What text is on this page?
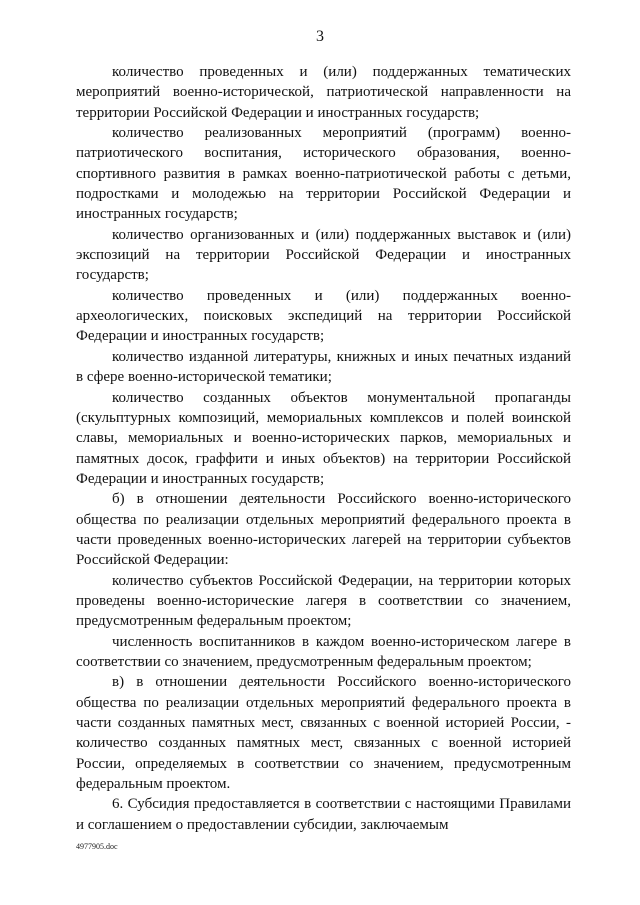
3

количество проведенных и (или) поддержанных тематических мероприятий военно-исторической, патриотической направленности на территории Российской Федерации и иностранных государств;

количество реализованных мероприятий (программ) военно-патриотического воспитания, исторического образования, военно-спортивного развития в рамках военно-патриотической работы с детьми, подростками и молодежью на территории Российской Федерации и иностранных государств;

количество организованных и (или) поддержанных выставок и (или) экспозиций на территории Российской Федерации и иностранных государств;

количество проведенных и (или) поддержанных военно-археологических, поисковых экспедиций на территории Российской Федерации и иностранных государств;

количество изданной литературы, книжных и иных печатных изданий в сфере военно-исторической тематики;

количество созданных объектов монументальной пропаганды (скульптурных композиций, мемориальных комплексов и полей воинской славы, мемориальных и военно-исторических парков, мемориальных и памятных досок, граффити и иных объектов) на территории Российской Федерации и иностранных государств;

б) в отношении деятельности Российского военно-исторического общества по реализации отдельных мероприятий федерального проекта в части проведенных военно-исторических лагерей на территории субъектов Российской Федерации:

количество субъектов Российской Федерации, на территории которых проведены военно-исторические лагеря в соответствии со значением, предусмотренным федеральным проектом;

численность воспитанников в каждом военно-историческом лагере в соответствии со значением, предусмотренным федеральным проектом;

в) в отношении деятельности Российского военно-исторического общества по реализации отдельных мероприятий федерального проекта в части созданных памятных мест, связанных с военной историей России, - количество созданных памятных мест, связанных с военной историей России, определяемых в соответствии со значением, предусмотренным федеральным проектом.

6. Субсидия предоставляется в соответствии с настоящими Правилами и соглашением о предоставлении субсидии, заключаемым

4977905.doc
